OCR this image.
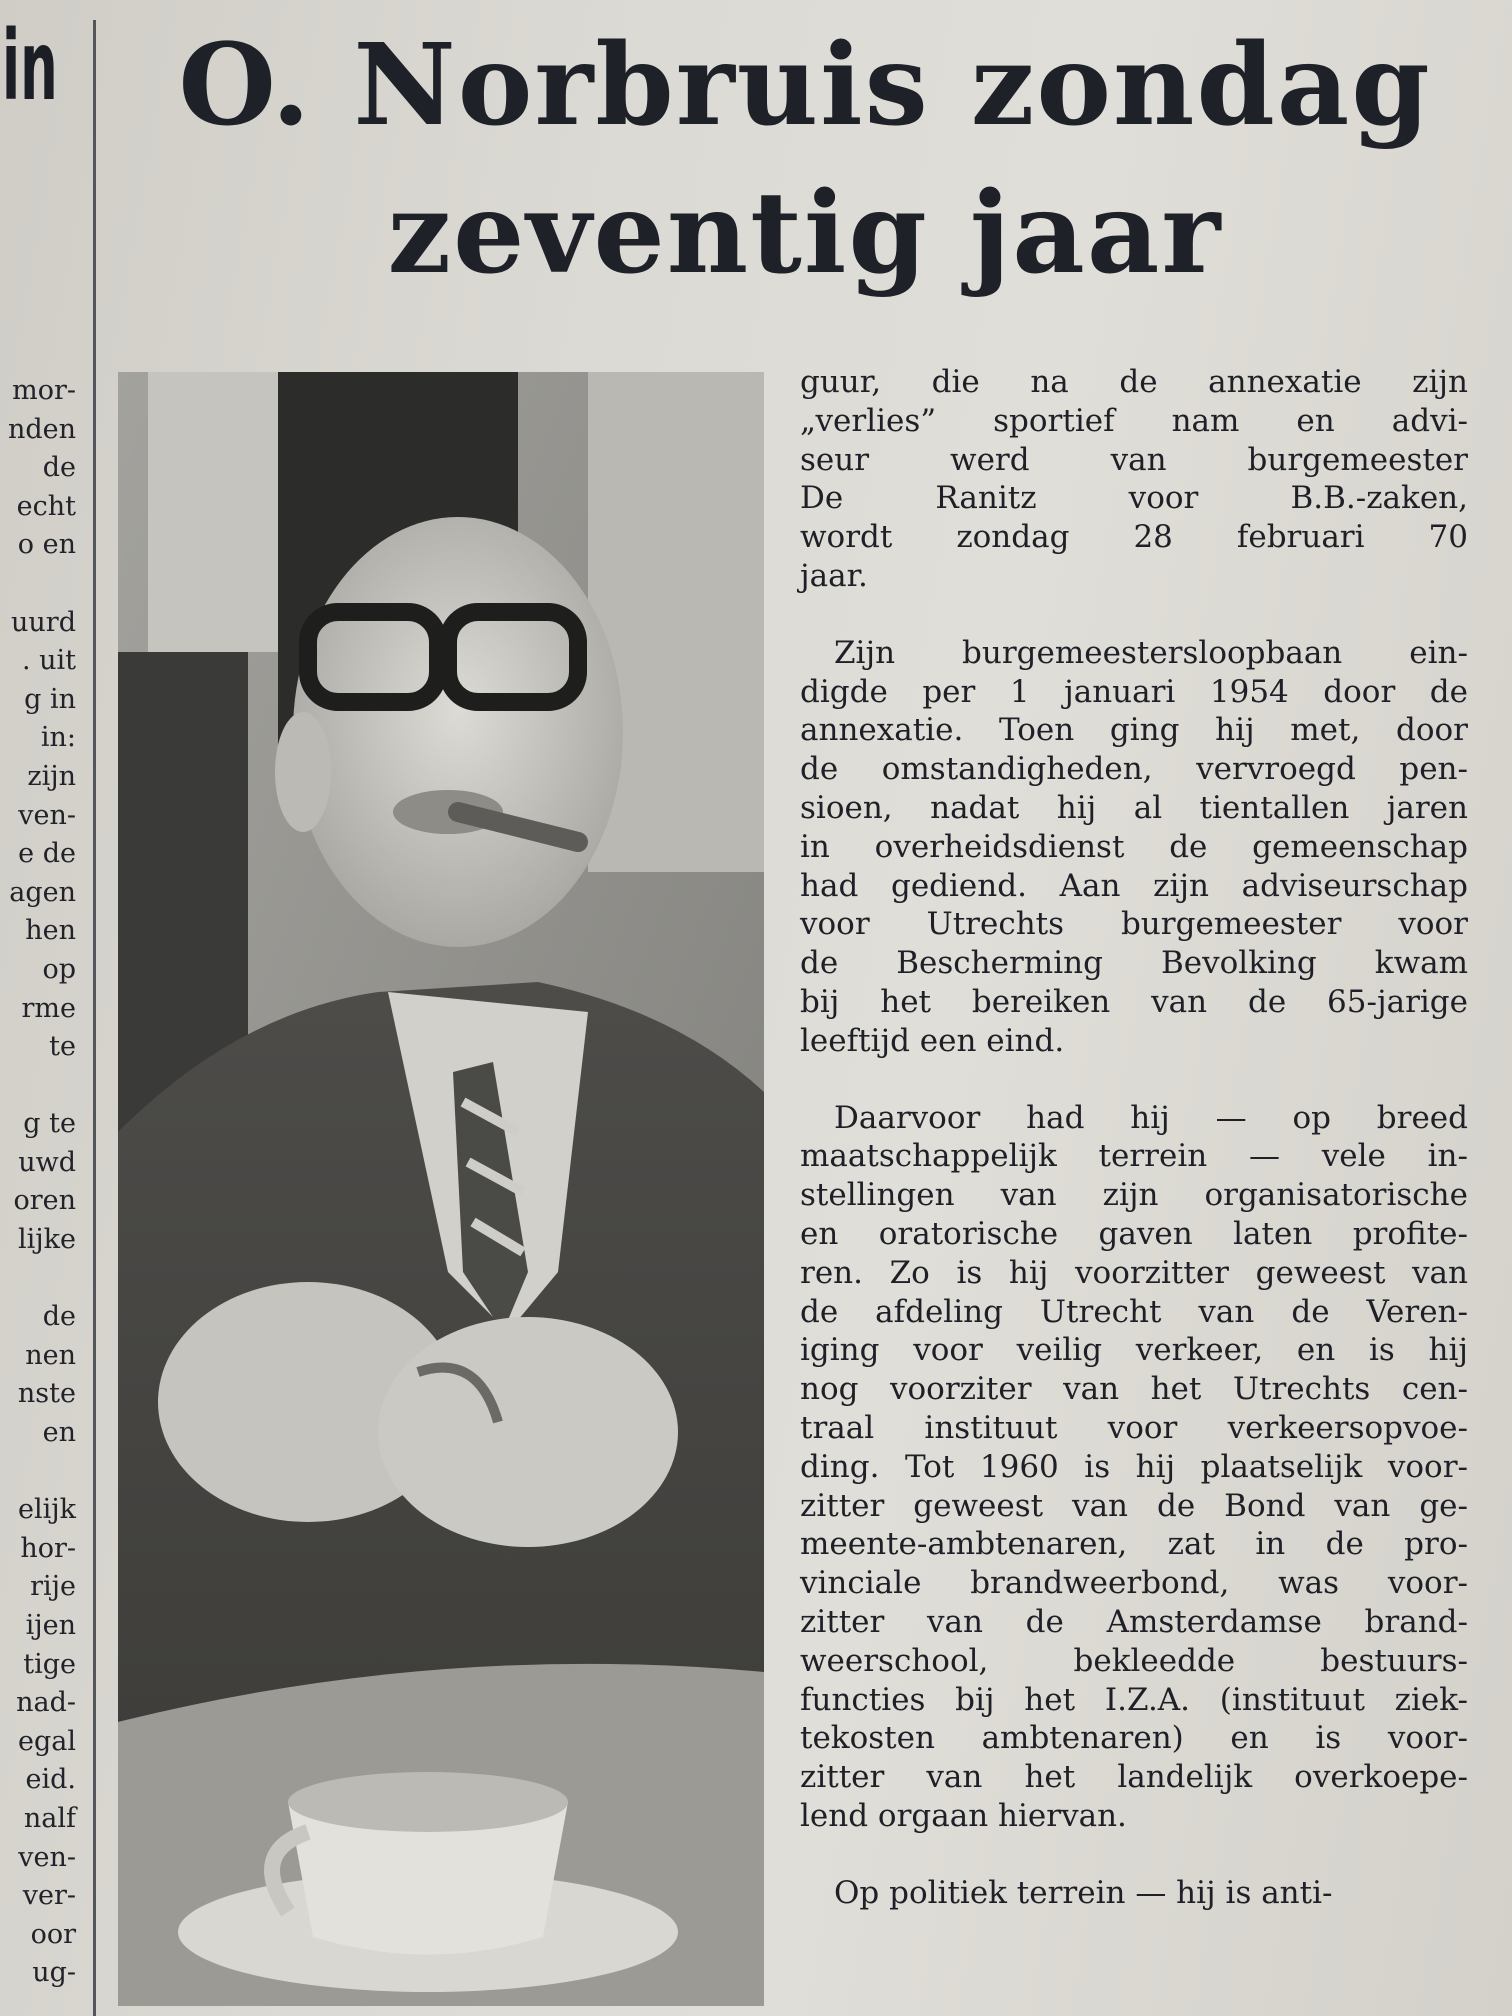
in
mor-
nden
de
echt
o en
uurd
. uit
g in
in:
zijn
ven-
e de
agen
hen
op
rme
te
g te
uwd
oren
lijke
de
nen
nste
en
elijk
hor-
rije
ijen
tige
nad-
egal
eid.
nalf
ven-
ver-
oor
ug-
O. Norbruis zondag
zeventig jaar
guur, die na de annexatie zijn
„verlies” sportief nam en advi-
seur werd van burgemeester
De Ranitz voor B.B.-zaken,
wordt zondag 28 februari 70
jaar.
Zijn burgemeestersloopbaan ein-
digde per 1 januari 1954 door de
annexatie. Toen ging hij met, door
de omstandigheden, vervroegd pen-
sioen, nadat hij al tientallen jaren
in overheidsdienst de gemeenschap
had gediend. Aan zijn adviseurschap
voor Utrechts burgemeester voor
de Bescherming Bevolking kwam
bij het bereiken van de 65-jarige
leeftijd een eind.
Daarvoor had hij — op breed
maatschappelijk terrein — vele in-
stellingen van zijn organisatorische
en oratorische gaven laten profite-
ren. Zo is hij voorzitter geweest van
de afdeling Utrecht van de Veren-
iging voor veilig verkeer, en is hij
nog voorziter van het Utrechts cen-
traal instituut voor verkeersopvoe-
ding. Tot 1960 is hij plaatselijk voor-
zitter geweest van de Bond van ge-
meente-ambtenaren, zat in de pro-
vinciale brandweerbond, was voor-
zitter van de Amsterdamse brand-
weerschool, bekleedde bestuurs-
functies bij het I.Z.A. (instituut ziek-
tekosten ambtenaren) en is voor-
zitter van het landelijk overkoepe-
lend orgaan hiervan.
Op politiek terrein — hij is anti-
